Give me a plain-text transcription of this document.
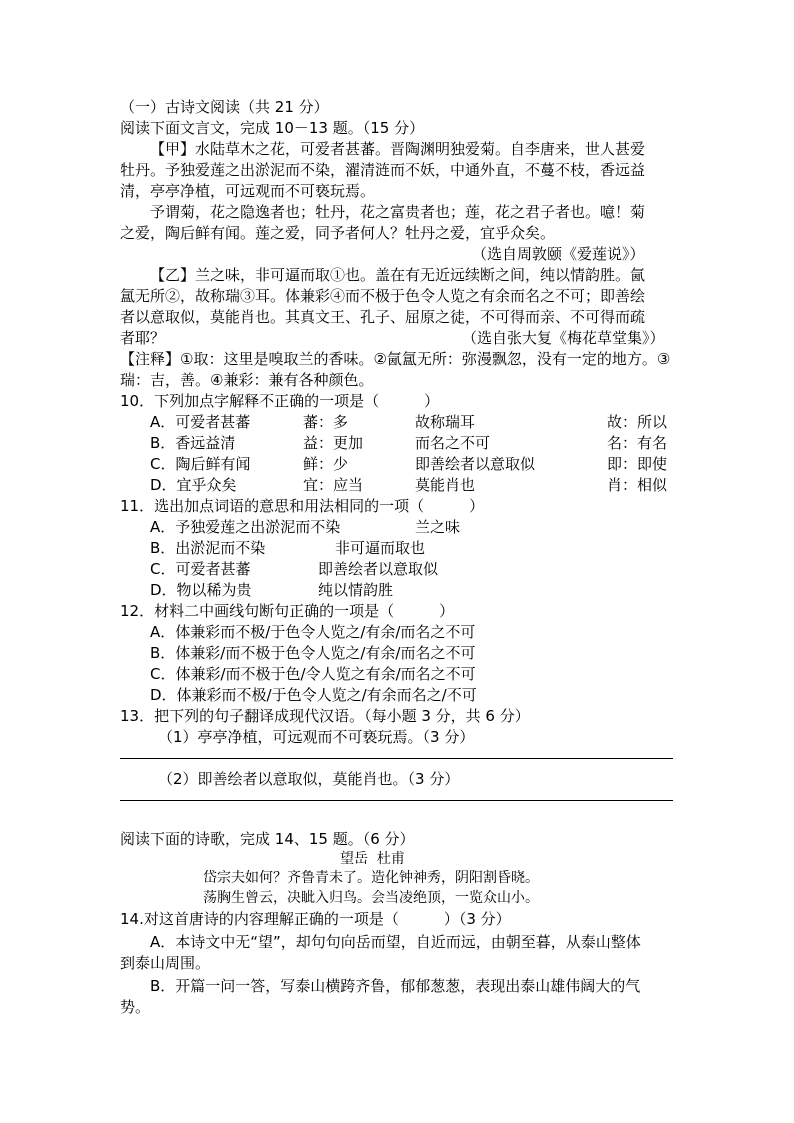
（一）古诗文阅读（共 21 分）
阅读下面文言文，完成 10－13 题。（15 分）
【甲】水陆草木之花，可爱者甚蕃。晋陶渊明独爱菊。自李唐来，世人甚爱
牡丹。予独爱莲之出淤泥而不染，濯清涟而不妖，中通外直，不蔓不枝，香远益
清，亭亭净植，可远观而不可亵玩焉。
予谓菊，花之隐逸者也；牡丹，花之富贵者也；莲，花之君子者也。噫！菊
之爱，陶后鲜有闻。莲之爱，同予者何人？牡丹之爱，宜乎众矣。
（选自周敦颐《爱莲说》）
【乙】兰之味，非可逼而取①也。盖在有无近远续断之间，纯以情韵胜。氤
氲无所②，故称瑞③耳。体兼彩④而不极于色令人览之有余而名之不可；即善绘
者以意取似，莫能肖也。其真文王、孔子、屈原之徒，不可得而亲、不可得而疏
者耶？	（选自张大复《梅花草堂集》）
【注释】①取：这里是嗅取兰的香味。②氤氲无所：弥漫飘忽，没有一定的地方。③
瑞：吉，善。④兼彩：兼有各种颜色。
10．下列加点字解释不正确的一项是（　　　）
A．可爱者甚蕃	蕃：多	故称瑞耳	故：所以
B．香远益清	益：更加	而名之不可	名：有名
C．陶后鲜有闻	鲜：少	即善绘者以意取似	即：即使
D．宜乎众矣	宜：应当	莫能肖也	肖：相似
11．选出加点词语的意思和用法相同的一项（　　　）
A．予独爱莲之出淤泥而不染	兰之味
B．出淤泥而不染	非可逼而取也
C．可爱者甚蕃	即善绘者以意取似
D．物以稀为贵	纯以情韵胜
12．材料二中画线句断句正确的一项是（　　　）
A．体兼彩而不极/于色令人览之/有余/而名之不可
B．体兼彩/而不极于色令人览之/有余/而名之不可
C．体兼彩/而不极于色/令人览之有余/而名之不可
D．体兼彩而不极/于色令人览之/有余而名之/不可
13．把下列的句子翻译成现代汉语。（每小题 3 分，共 6 分）
（1）亭亭净植，可远观而不可亵玩焉。（3 分）
（2）即善绘者以意取似，莫能肖也。（3 分）
阅读下面的诗歌，完成 14、15 题。（6 分）
望岳  杜甫
岱宗夫如何？齐鲁青未了。造化钟神秀，阴阳割昏晓。
荡胸生曾云，决眦入归鸟。会当凌绝顶，一览众山小。
14.对这首唐诗的内容理解正确的一项是（　　　）（3 分）
A．本诗文中无“望”，却句句向岳而望，自近而远，由朝至暮，从泰山整体
到泰山周围。
B．开篇一问一答，写泰山横跨齐鲁，郁郁葱葱，表现出泰山雄伟阔大的气
势。
